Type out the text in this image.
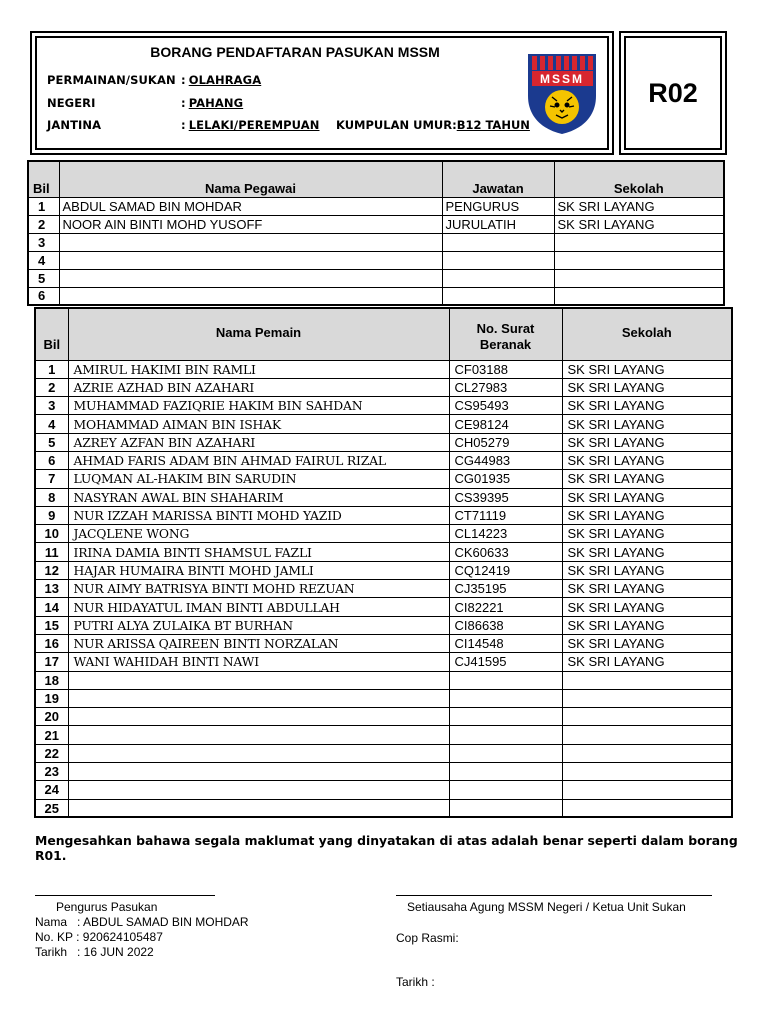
R02
BORANG PENDAFTARAN PASUKAN MSSM
PERMAINAN/SUKAN : OLAHRAGA
NEGERI	: PAHANG
JANTINA	: LELAKI/PEREMPUAN KUMPULAN UMUR:B12 TAHUN
MSSM
Bil	Nama Pegawai	Jawatan	Sekolah
1	ABDUL SAMAD BIN MOHDAR	PENGURUS	SK SRI LAYANG
2	NOOR AIN BINTI MOHD YUSOFF	JURULATIH	SK SRI LAYANG
3			
4			
5			
6			
Bil	Nama Pemain	No. Surat Beranak	Sekolah
1	AMIRUL HAKIMI BIN RAMLI	CF03188	SK SRI LAYANG
2	AZRIE AZHAD BIN AZAHARI	CL27983	SK SRI LAYANG
3	MUHAMMAD FAZIQRIE HAKIM BIN SAHDAN	CS95493	SK SRI LAYANG
4	MOHAMMAD AIMAN BIN ISHAK	CE98124	SK SRI LAYANG
5	AZREY AZFAN BIN AZAHARI	CH05279	SK SRI LAYANG
6	AHMAD FARIS ADAM BIN AHMAD FAIRUL RIZAL	CG44983	SK SRI LAYANG
7	LUQMAN AL-HAKIM BIN SARUDIN	CG01935	SK SRI LAYANG
8	NASYRAN AWAL BIN SHAHARIM	CS39395	SK SRI LAYANG
9	NUR IZZAH MARISSA BINTI MOHD YAZID	CT71119	SK SRI LAYANG
10	JACQLENE WONG	CL14223	SK SRI LAYANG
11	IRINA DAMIA BINTI SHAMSUL FAZLI	CK60633	SK SRI LAYANG
12	HAJAR HUMAIRA BINTI MOHD JAMLI	CQ12419	SK SRI LAYANG
13	NUR AIMY BATRISYA BINTI MOHD REZUAN	CJ35195	SK SRI LAYANG
14	NUR HIDAYATUL IMAN BINTI ABDULLAH	CI82221	SK SRI LAYANG
15	PUTRI ALYA ZULAIKA BT BURHAN	CI86638	SK SRI LAYANG
16	NUR ARISSA QAIREEN BINTI NORZALAN	CI14548	SK SRI LAYANG
17	WANI WAHIDAH BINTI NAWI	CJ41595	SK SRI LAYANG
18			
19			
20			
21			
22			
23			
24			
25			
Mengesahkan bahawa segala maklumat yang dinyatakan di atas adalah benar seperti dalam borang R01.
Pengurus Pasukan
Nama   : ABDUL SAMAD BIN MOHDAR
No. KP : 920624105487
Tarikh   : 16 JUN 2022
Setiausaha Agung MSSM Negeri / Ketua Unit Sukan
Cop Rasmi:
Tarikh :
